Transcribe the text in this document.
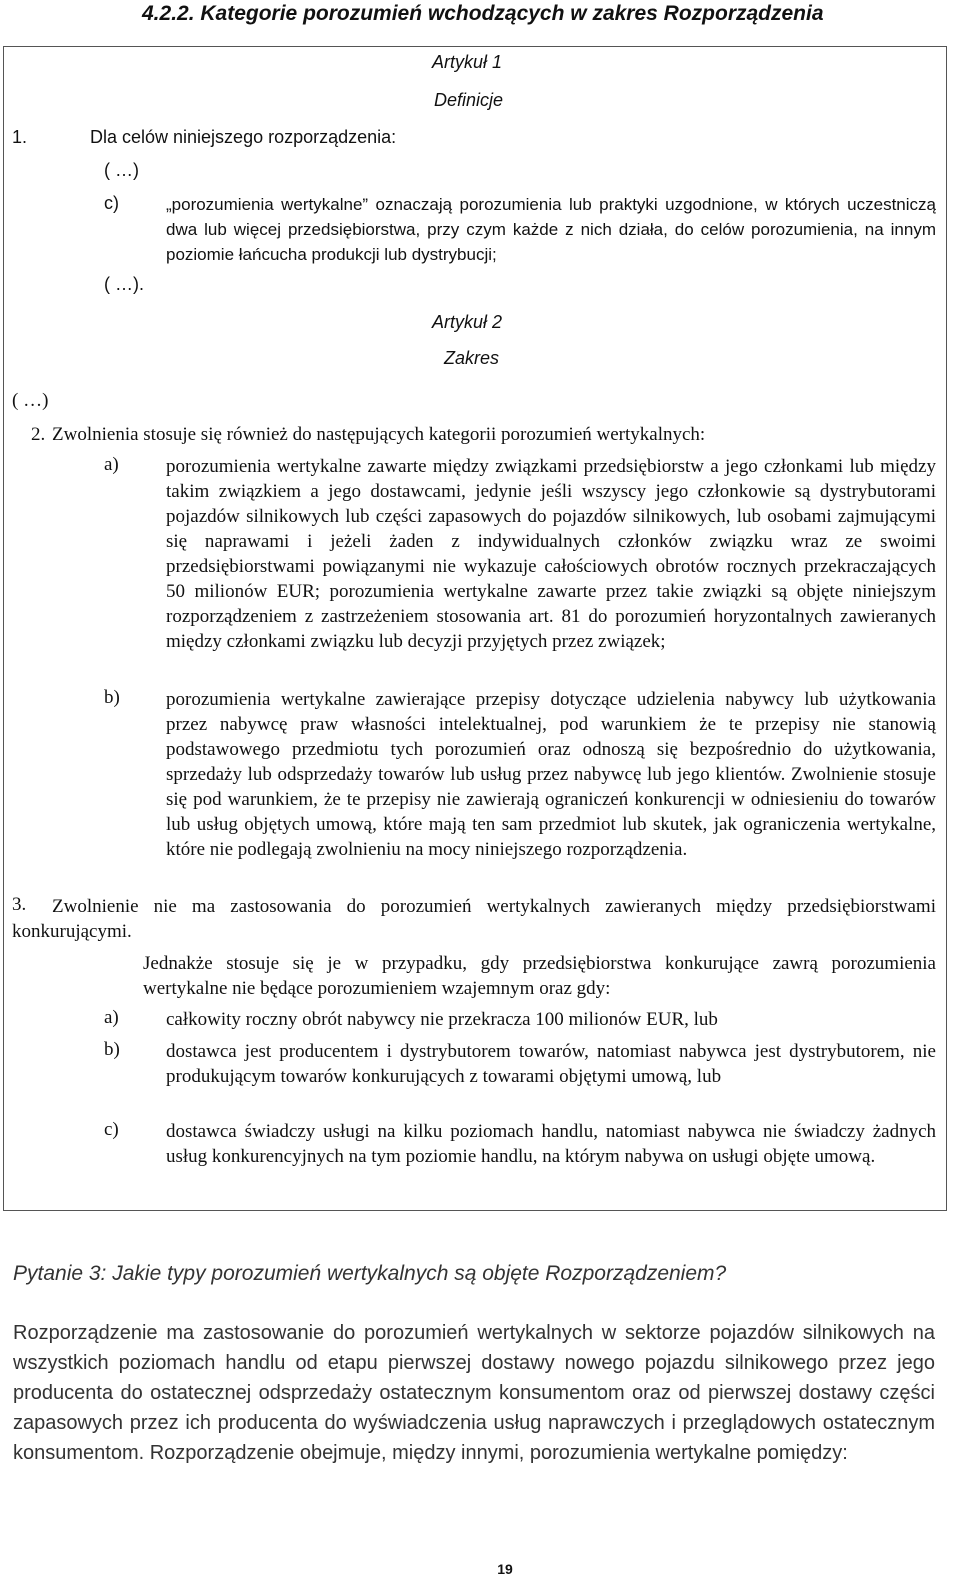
4.2.2. Kategorie porozumień wchodzących w zakres Rozporządzenia
Artykuł 1
Definicje
1.	Dla celów niniejszego rozporządzenia:
( …)
c)	„porozumienia wertykalne” oznaczają porozumienia lub praktyki uzgodnione, w których uczestniczą dwa lub więcej przedsiębiorstwa, przy czym każde z nich działa, do celów porozumienia, na innym poziomie łańcucha produkcji lub dystrybucji;
( …).
Artykuł 2
Zakres
( …)
2. Zwolnienia stosuje się również do następujących kategorii porozumień wertykalnych:
a) porozumienia wertykalne zawarte między związkami przedsiębiorstw a jego członkami lub między takim związkiem a jego dostawcami, jedynie jeśli wszyscy jego członkowie są dystrybutorami pojazdów silnikowych lub części zapasowych do pojazdów silnikowych, lub osobami zajmującymi się naprawami i jeżeli żaden z indywidualnych członków związku wraz ze swoimi przedsiębiorstwami powiązanymi nie wykazuje całościowych obrotów rocznych przekraczających 50 milionów EUR; porozumienia wertykalne zawarte przez takie związki są objęte niniejszym rozporządzeniem z zastrzeżeniem stosowania art. 81 do porozumień horyzontalnych zawieranych między członkami związku lub decyzji przyjętych przez związek;
b) porozumienia wertykalne zawierające przepisy dotyczące udzielenia nabywcy lub użytkowania przez nabywcę praw własności intelektualnej, pod warunkiem że te przepisy nie stanowią podstawowego przedmiotu tych porozumień oraz odnoszą się bezpośrednio do użytkowania, sprzedaży lub odsprzedaży towarów lub usług przez nabywcę lub jego klientów. Zwolnienie stosuje się pod warunkiem, że te przepisy nie zawierają ograniczeń konkurencji w odniesieniu do towarów lub usług objętych umową, które mają ten sam przedmiot lub skutek, jak ograniczenia wertykalne, które nie podlegają zwolnieniu na mocy niniejszego rozporządzenia.
3.	Zwolnienie nie ma zastosowania do porozumień wertykalnych zawieranych między przedsiębiorstwami konkurującymi.
Jednakże stosuje się je w przypadku, gdy przedsiębiorstwa konkurujące zawrą porozumienia wertykalne nie będące porozumieniem wzajemnym oraz gdy:
a) całkowity roczny obrót nabywcy nie przekracza 100 milionów EUR, lub
b) dostawca jest producentem i dystrybutorem towarów, natomiast nabywca jest dystrybutorem, nie produkującym towarów konkurujących z towarami objętymi umową, lub
c) dostawca świadczy usługi na kilku poziomach handlu, natomiast nabywca nie świadczy żadnych usług konkurencyjnych na tym poziomie handlu, na którym nabywa on usługi objęte umową.
Pytanie 3: Jakie typy porozumień wertykalnych są objęte Rozporządzeniem?
Rozporządzenie ma zastosowanie do porozumień wertykalnych w sektorze pojazdów silnikowych na wszystkich poziomach handlu od etapu pierwszej dostawy nowego pojazdu silnikowego przez jego producenta do ostatecznej odsprzedaży ostatecznym konsumentom oraz od pierwszej dostawy części zapasowych przez ich producenta do wyświadczenia usług naprawczych i przeglądowych ostatecznym konsumentom. Rozporządzenie obejmuje, między innymi, porozumienia wertykalne pomiędzy:
19
